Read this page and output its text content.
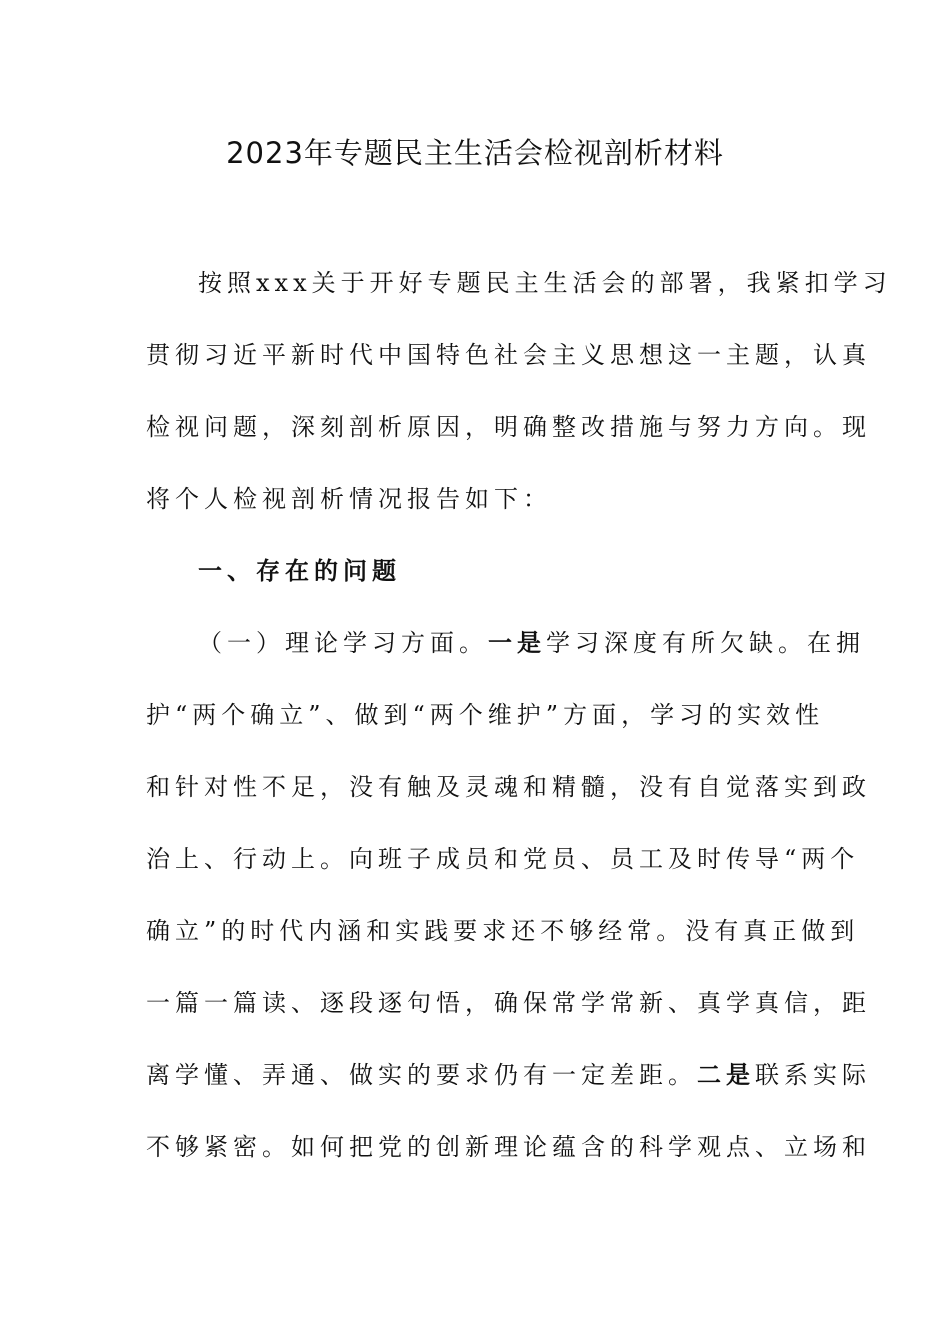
2023年专题民主生活会检视剖析材料
按照xxx关于开好专题民主生活会的部署，我紧扣学习
贯彻习近平新时代中国特色社会主义思想这一主题，认真
检视问题，深刻剖析原因，明确整改措施与努力方向。现
将个人检视剖析情况报告如下：
一、存在的问题
（一）理论学习方面。一是学习深度有所欠缺。在拥
护“两个确立”、做到“两个维护”方面，学习的实效性
和针对性不足，没有触及灵魂和精髓，没有自觉落实到政
治上、行动上。向班子成员和党员、员工及时传导“两个
确立”的时代内涵和实践要求还不够经常。没有真正做到
一篇一篇读、逐段逐句悟，确保常学常新、真学真信，距
离学懂、弄通、做实的要求仍有一定差距。二是联系实际
不够紧密。如何把党的创新理论蕴含的科学观点、立场和
